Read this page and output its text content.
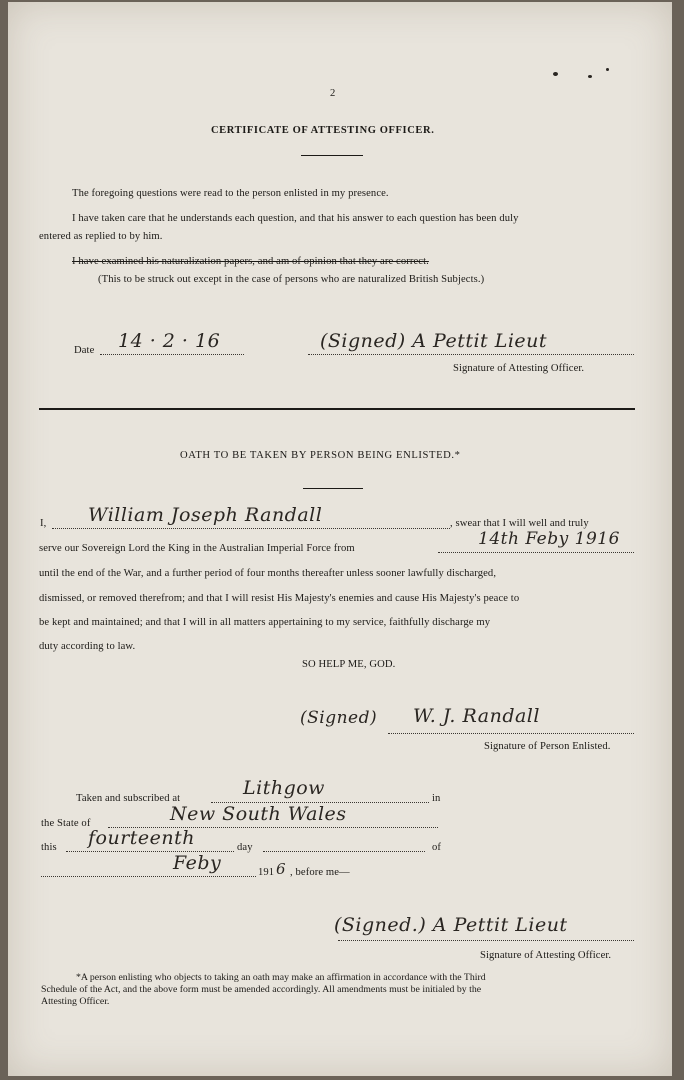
2
CERTIFICATE OF ATTESTING OFFICER.
The foregoing questions were read to the person enlisted in my presence.
I have taken care that he understands each question, and that his answer to each question has been duly
entered as replied to by him.
I have examined his naturalization papers, and am of opinion that they are correct.
(This to be struck out except in the case of persons who are naturalized British Subjects.)
Date 14 · 2 · 16	(Signed) A Pettit Lieut
Signature of Attesting Officer.
OATH TO BE TAKEN BY PERSON BEING ENLISTED.*
I, William Joseph Randall	, swear that I will well and truly
serve our Sovereign Lord the King in the Australian Imperial Force from	14th Feby 1916
until the end of the War, and a further period of four months thereafter unless sooner lawfully discharged,
dismissed, or removed therefrom; and that I will resist His Majesty's enemies and cause His Majesty's peace to
be kept and maintained; and that I will in all matters appertaining to my service, faithfully discharge my
duty according to law.
SO HELP ME, GOD.
(Signed) W. J. Randall
Signature of Person Enlisted.
Taken and subscribed at	Lithgow	in
the State of	New South Wales
this fourteenth	day	of
Feby	191 6 , before me—
(Signed.) A Pettit Lieut
Signature of Attesting Officer.
*A person enlisting who objects to taking an oath may make an affirmation in accordance with the Third
Schedule of the Act, and the above form must be amended accordingly. All amendments must be initialed by the
Attesting Officer.
